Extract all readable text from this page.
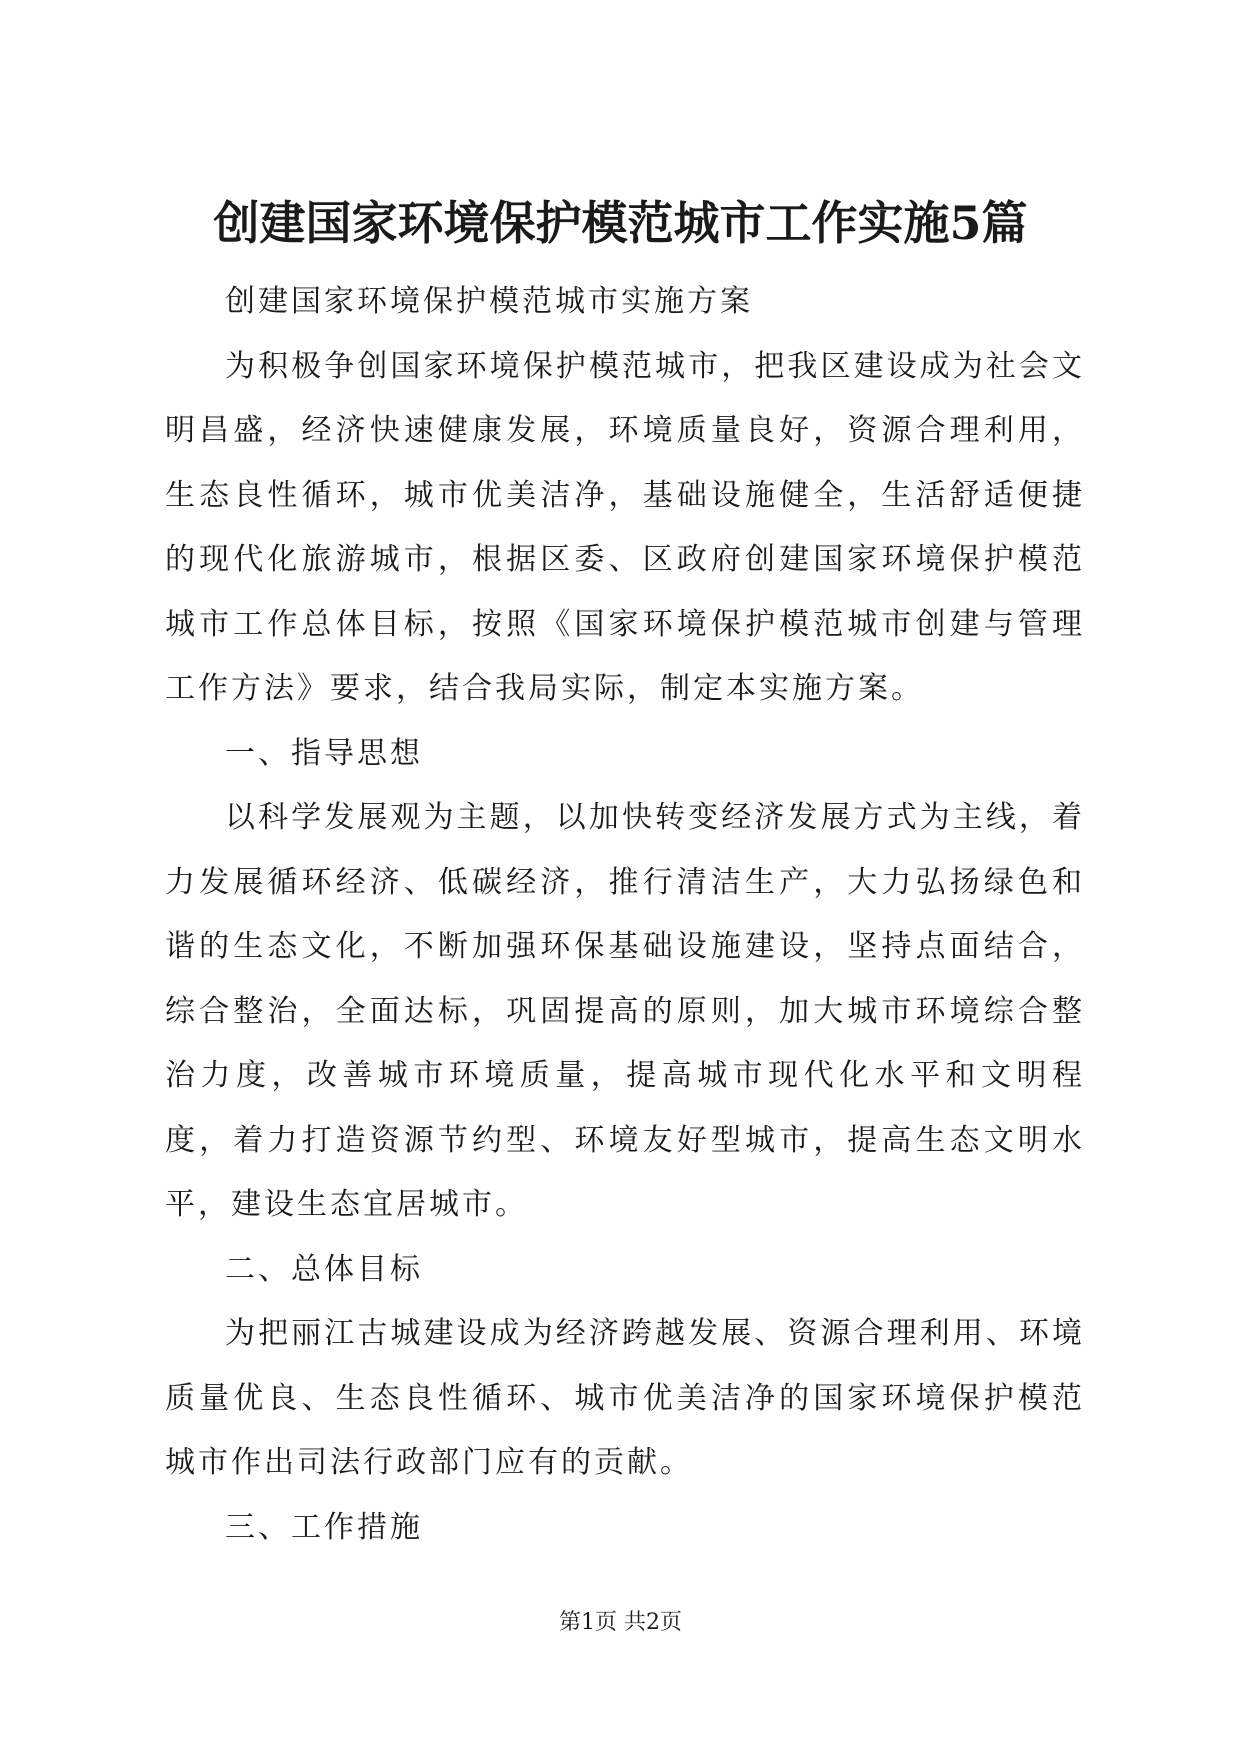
创建国家环境保护模范城市工作实施5篇

创建国家环境保护模范城市实施方案

为积极争创国家环境保护模范城市，把我区建设成为社会文明昌盛，经济快速健康发展，环境质量良好，资源合理利用，生态良性循环，城市优美洁净，基础设施健全，生活舒适便捷的现代化旅游城市，根据区委、区政府创建国家环境保护模范城市工作总体目标，按照《国家环境保护模范城市创建与管理工作方法》要求，结合我局实际，制定本实施方案。

一、指导思想

以科学发展观为主题，以加快转变经济发展方式为主线，着力发展循环经济、低碳经济，推行清洁生产，大力弘扬绿色和谐的生态文化，不断加强环保基础设施建设，坚持点面结合，综合整治，全面达标，巩固提高的原则，加大城市环境综合整治力度，改善城市环境质量，提高城市现代化水平和文明程度，着力打造资源节约型、环境友好型城市，提高生态文明水平，建设生态宜居城市。

二、总体目标

为把丽江古城建设成为经济跨越发展、资源合理利用、环境质量优良、生态良性循环、城市优美洁净的国家环境保护模范城市作出司法行政部门应有的贡献。

三、工作措施

第1页 共2页
